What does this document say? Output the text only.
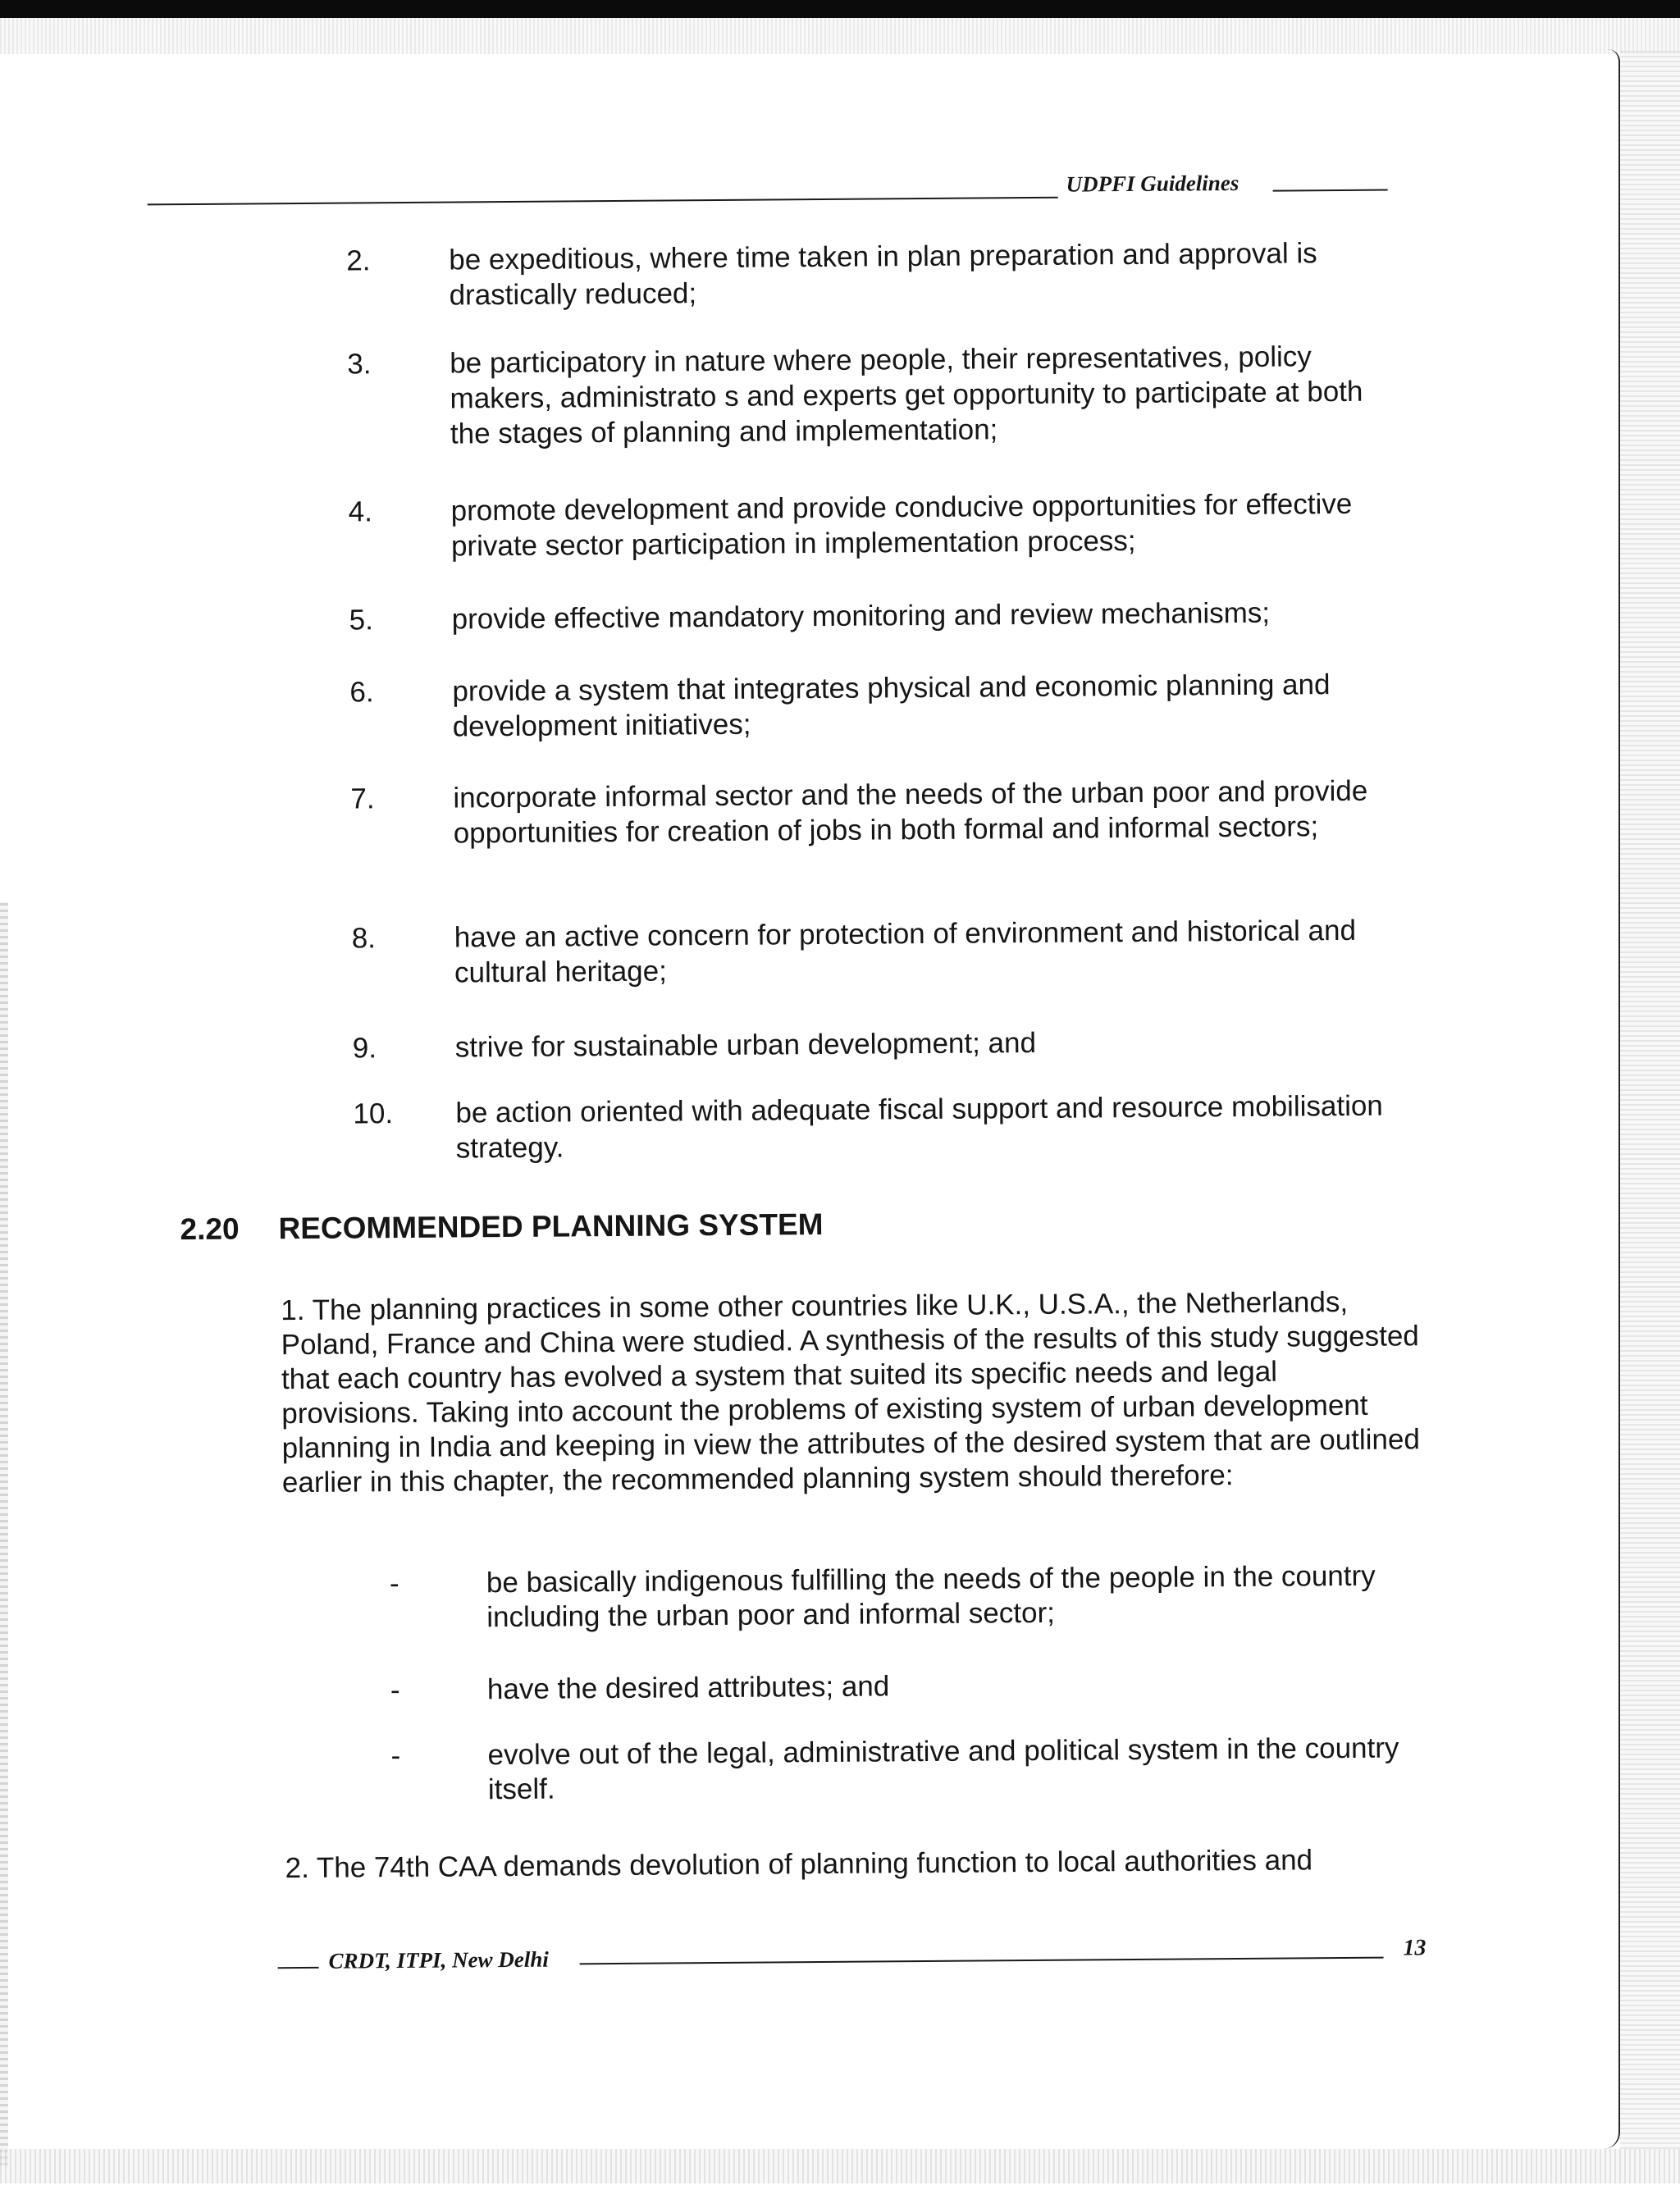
UDPFI Guidelines
2.	be expeditious, where time taken in plan preparation and approval is drastically reduced;
3.	be participatory in nature where people, their representatives, policy makers, administrato s and experts get opportunity to participate at both the stages of planning and implementation;
4.	promote development and provide conducive opportunities for effective private sector participation in implementation process;
5.	provide effective mandatory monitoring and review mechanisms;
6.	provide a system that integrates physical and economic planning and development initiatives;
7.	incorporate informal sector and the needs of the urban poor and provide opportunities for creation of jobs in both formal and informal sectors;
8.	have an active concern for protection of environment and historical and cultural heritage;
9.	strive for sustainable urban development; and
10.	be action oriented with adequate fiscal support and resource mobilisation strategy.
2.20 RECOMMENDED PLANNING SYSTEM
1. The planning practices in some other countries like U.K., U.S.A., the Netherlands, Poland, France and China were studied. A synthesis of the results of this study suggested that each country has evolved a system that suited its specific needs and legal provisions. Taking into account the problems of existing system of urban development planning in India and keeping in view the attributes of the desired system that are outlined earlier in this chapter, the recommended planning system should therefore:
-	be basically indigenous fulfilling the needs of the people in the country including the urban poor and informal sector;
-	have the desired attributes; and
-	evolve out of the legal, administrative and political system in the country itself.
2. The 74th CAA demands devolution of planning function to local authorities and
CRDT, ITPI, New Delhi	13
